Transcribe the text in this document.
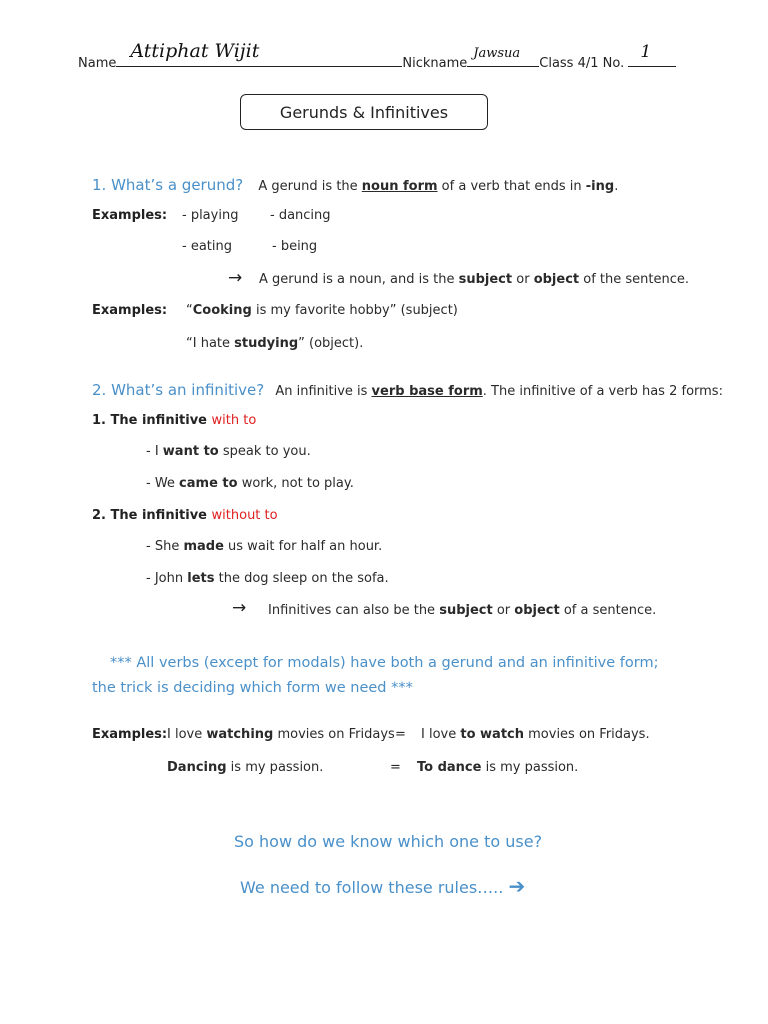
Name
Attiphat Wijit
Nickname
Jawsua
Class 4/1 No.
1
Gerunds & Infinitives
1. What’s a gerund? A gerund is the noun form of a verb that ends in -ing.
Examples: - playing - dancing
- eating	- being
→ A gerund is a noun, and is the subject or object of the sentence.
Examples: “Cooking is my favorite hobby” (subject)
“I hate studying” (object).
2. What’s an infinitive? An infinitive is verb base form. The infinitive of a verb has 2 forms:
1. The infinitive with to
- I want to speak to you.
- We came to work, not to play.
2. The infinitive without to
- She made us wait for half an hour.
- John lets the dog sleep on the sofa.
→ Infinitives can also be the subject or object of a sentence.
*** All verbs (except for modals) have both a gerund and an infinitive form;
the trick is deciding which form we need ***
Examples: I love watching movies on Fridays = I love to watch movies on Fridays.
Dancing is my passion.	= To dance is my passion.
So how do we know which one to use?
We need to follow these rules….. ➔
